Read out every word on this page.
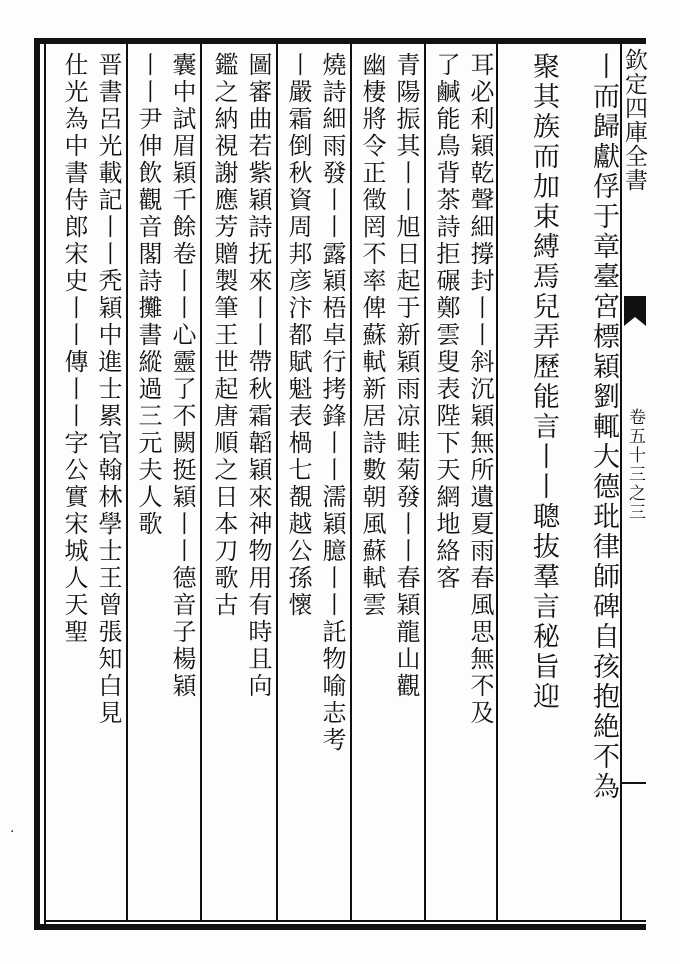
欽定四庫全書
卷五十三之三
丨而歸獻俘于章臺宮標穎劉輒大德玭律師碑自孩抱絶不為
聚其族而加束縛焉兒弄歷能言丨丨聰抜羣言秘旨迎
耳必利穎乾聲細撐封丨丨斜沉穎無所遺夏雨春風思無不及
了鹹能鳥背茶詩拒碾鄭雲叟表陛下天網地絡客
青陽振其丨丨旭日起于新穎雨凉畦菊發丨丨春穎龍山觀
幽棲將令正徵罔不率俾蘇軾新居詩數朝風蘇軾雲
燒詩細雨發丨丨露穎梧卓行拷鋒丨丨濡穎臆丨丨託物喻志考
丨嚴霜倒秋資周邦彦汴都賦魁表楇七覩越公孫懷
圖審曲若紫穎詩抚來丨丨帶秋霜韜穎來神物用有時且向
鑑之納視謝應芳贈製筆王世起唐順之日本刀歌古
囊中試眉穎千餘卷丨丨心靈了不闕挺穎丨丨德音子楊穎
丨丨尹伸飲觀音閣詩攤書縱過三元夫人歌
晋書呂光載記丨丨秃穎中進士累官翰林學士王曾張知白見
仕光為中書侍郎宋史丨丨傳丨丨字公實宋城人天聖
·
